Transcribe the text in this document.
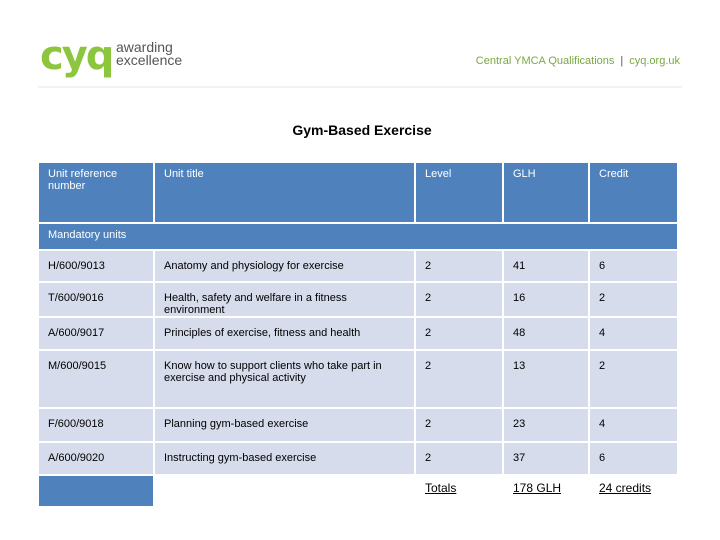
cyq awarding
excellence	Central YMCA Qualifications | cyq.org.uk
Gym-Based Exercise
Unit reference number	Unit title	Level	GLH	Credit
Mandatory units				
H/600/9013	Anatomy and physiology for exercise	2	41	6
T/600/9016	Health, safety and welfare in a fitness environment	2	16	2
A/600/9017	Principles of exercise, fitness and health	2	48	4
M/600/9015	Know how to support clients who take part in exercise and physical activity	2	13	2
F/600/9018	Planning gym-based exercise	2	23	4
A/600/9020	Instructing gym-based exercise	2	37	6
		Totals	178 GLH	24 credits
